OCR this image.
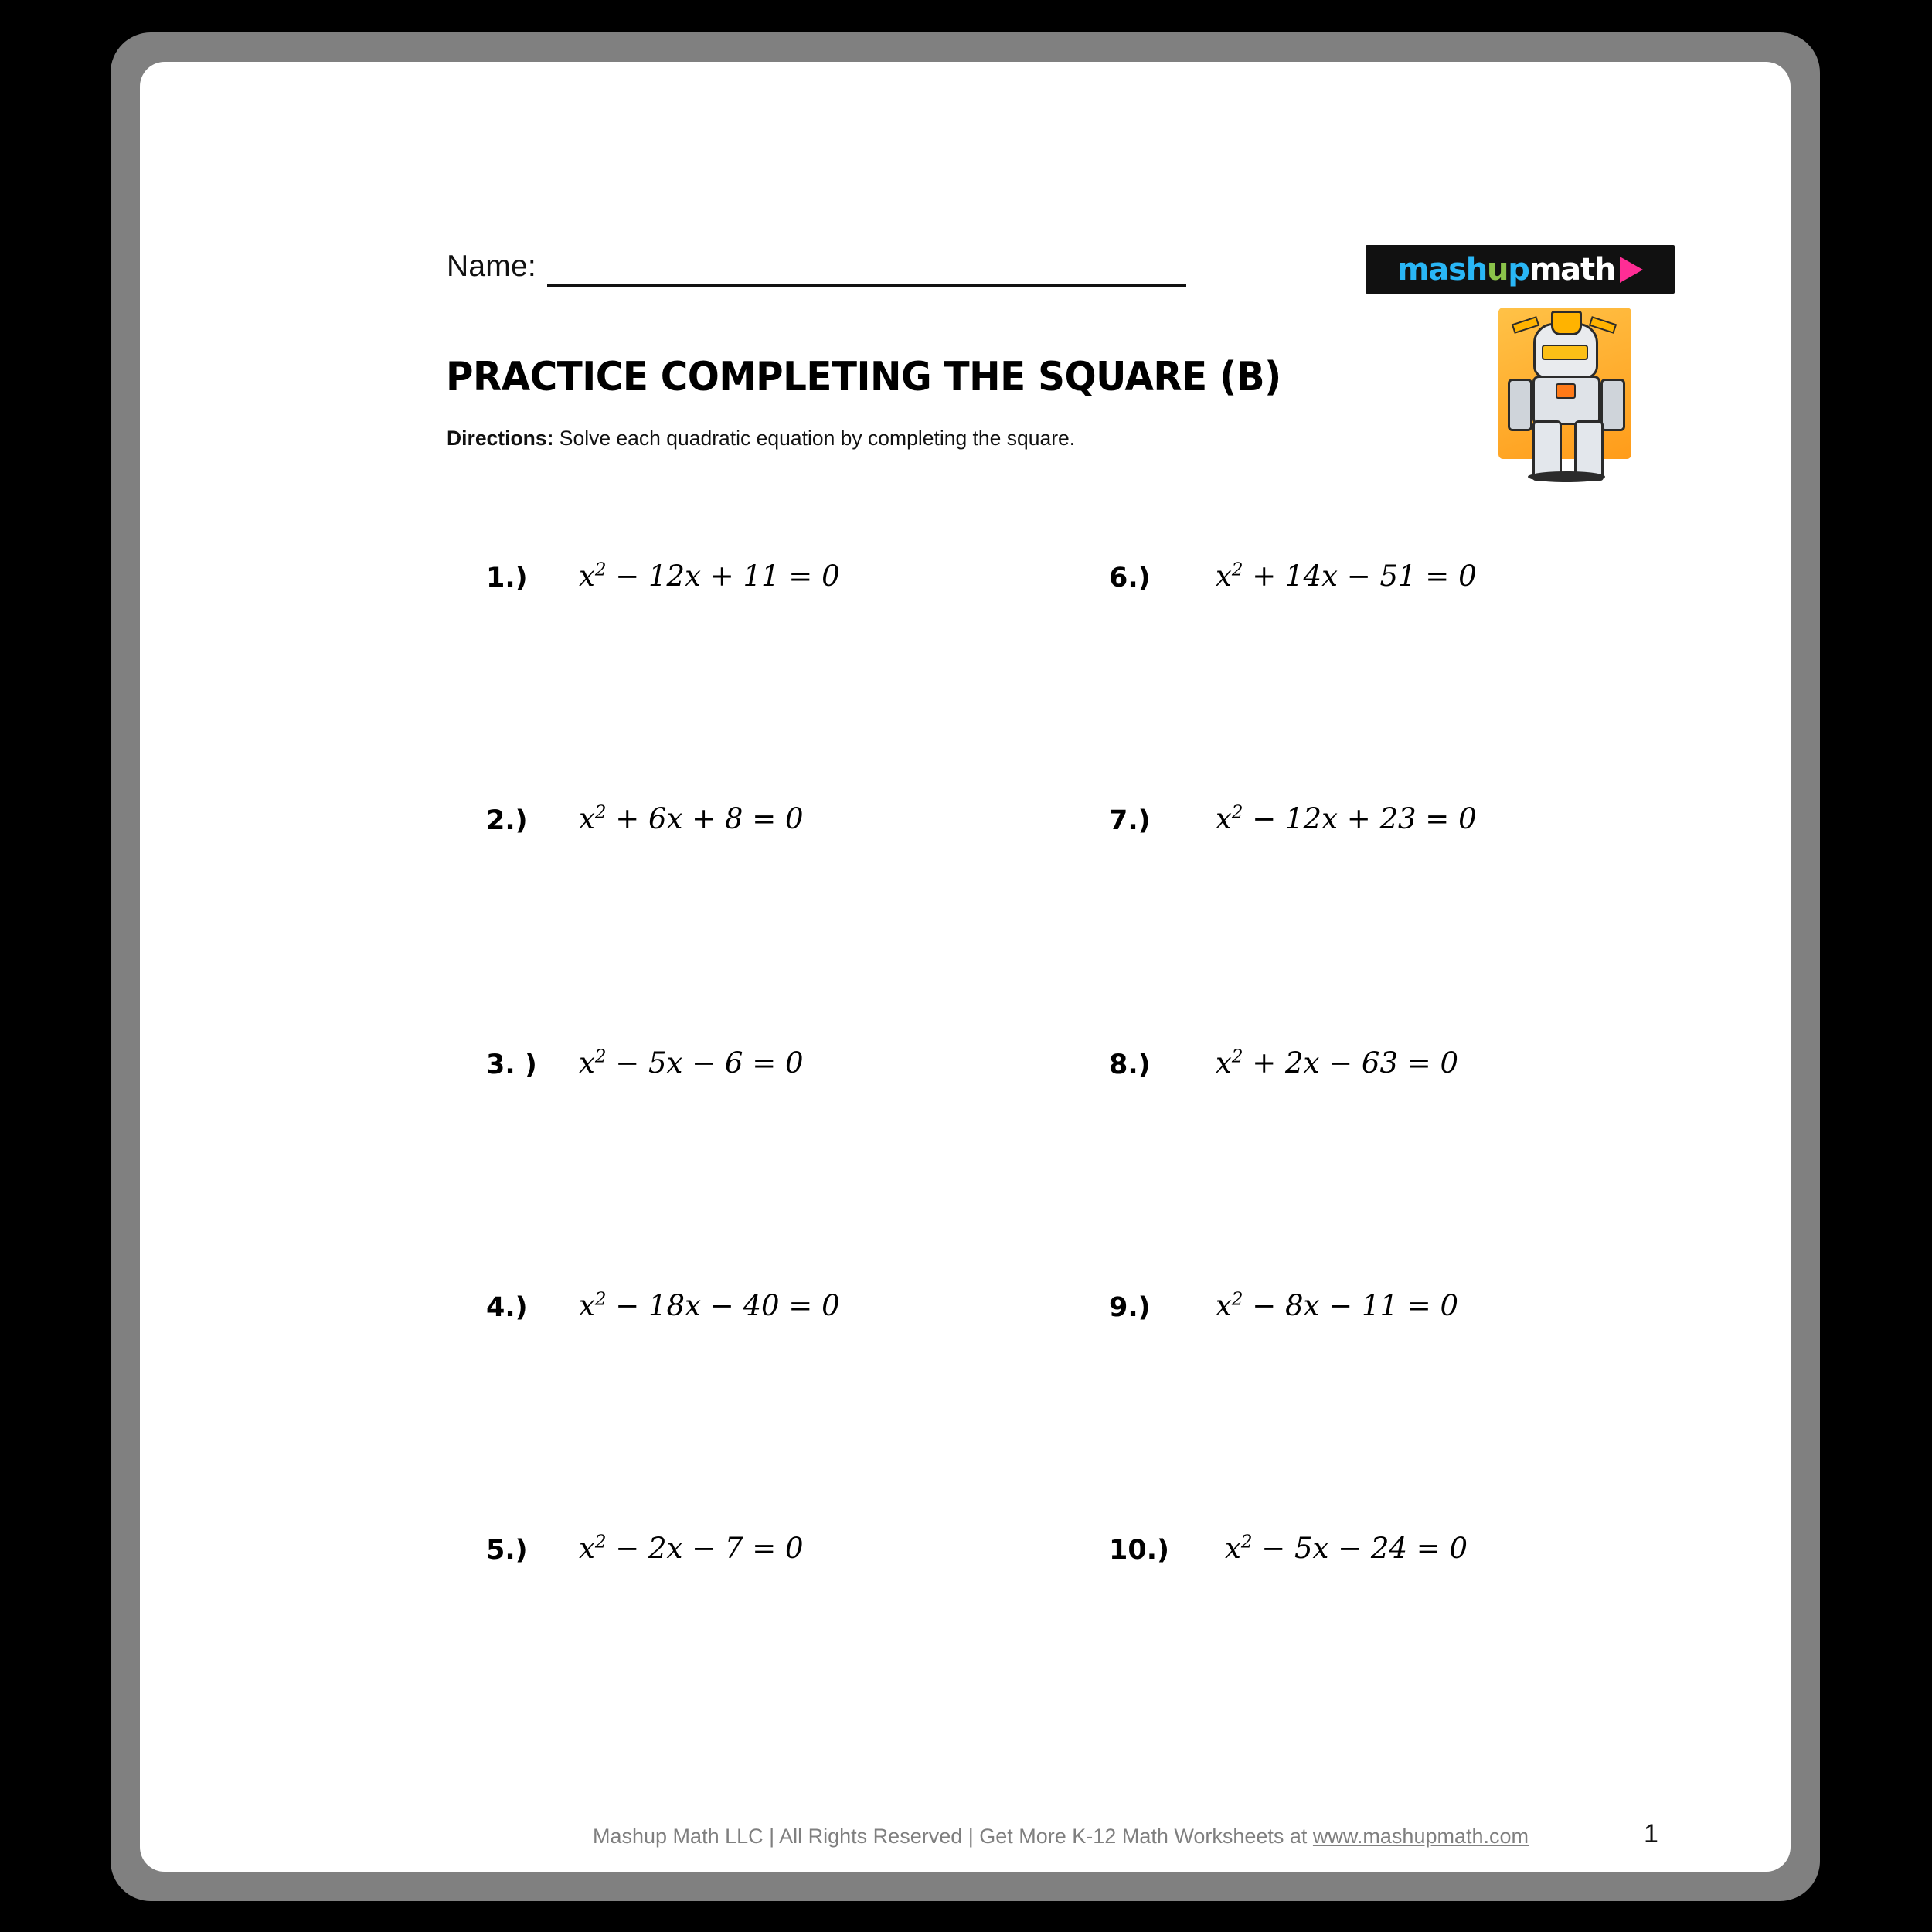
Name:
PRACTICE COMPLETING THE SQUARE (B)
Directions: Solve each quadratic equation by completing the square.
mashupmath
1.) $x^2 - 12x + 11 = 0$
2.) $x^2 + 6x + 8 = 0$
3. ) $x^2 - 5x - 6 = 0$
4.) $x^2 - 18x - 40 = 0$
5.) $x^2 - 2x - 7 = 0$
6.) $x^2 + 14x - 51 = 0$
7.) $x^2 - 12x + 23 = 0$
8.) $x^2 + 2x - 63 = 0$
9.) $x^2 - 8x - 11 = 0$
10.) $x^2 - 5x - 24 = 0$
Mashup Math LLC | All Rights Reserved | Get More K-12 Math Worksheets at www.mashupmath.com	1
